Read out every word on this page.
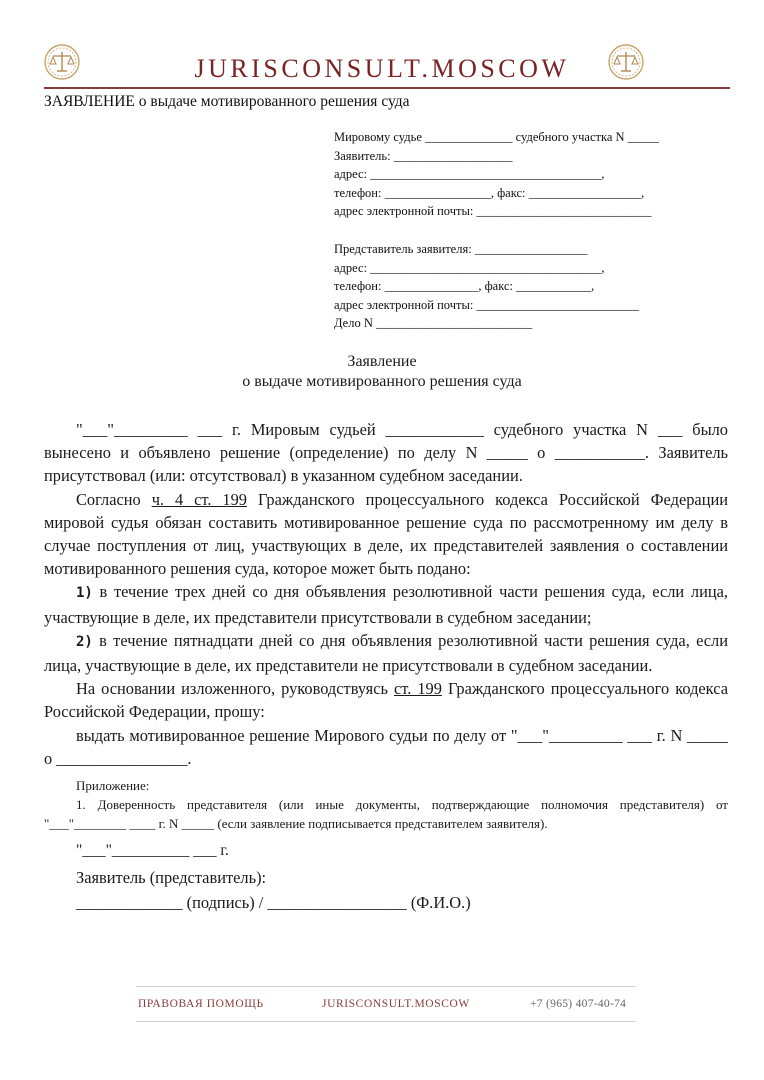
JURISCONSULT.MOSCOW
ЗАЯВЛЕНИЕ о выдаче мотивированного решения суда
Мировому судье ______________ судебного участка N _____
Заявитель: ___________________
адрес: _____________________________________,
телефон: _________________, факс: __________________,
адрес электронной почты: ____________________________
Представитель заявителя: __________________
адрес: _____________________________________,
телефон: _______________, факс: ____________,
адрес электронной почты: __________________________
Дело N _________________________
Заявление
о выдаче мотивированного решения суда

"___"_________ ___ г. Мировым судьей ____________ судебного участка N ___ было вынесено и объявлено решение (определение) по делу N _____ о ___________. Заявитель присутствовал (или: отсутствовал) в указанном судебном заседании.

Согласно ч. 4 ст. 199 Гражданского процессуального кодекса Российской Федерации мировой судья обязан составить мотивированное решение суда по рассмотренному им делу в случае поступления от лиц, участвующих в деле, их представителей заявления о составлении мотивированного решения суда, которое может быть подано:

1) в течение трех дней со дня объявления резолютивной части решения суда, если лица, участвующие в деле, их представители присутствовали в судебном заседании;

2) в течение пятнадцати дней со дня объявления резолютивной части решения суда, если лица, участвующие в деле, их представители не присутствовали в судебном заседании.

На основании изложенного, руководствуясь ст. 199 Гражданского процессуального кодекса Российской Федерации, прошу:

выдать мотивированное решение Мирового судьи по делу от "___"_________ ___ г. N _____ о ________________.

Приложение:

1. Доверенность представителя (или иные документы, подтверждающие полномочия представителя) от "___"________ ____ г. N _____ (если заявление подписывается представителем заявителя).

"___"__________ ___ г.

Заявитель (представитель):

_____________ (подпись) / _________________ (Ф.И.О.)

ПРАВОВАЯ ПОМОЩЬ	JURISCONSULT.MOSCOW	+7 (965) 407-40-74
